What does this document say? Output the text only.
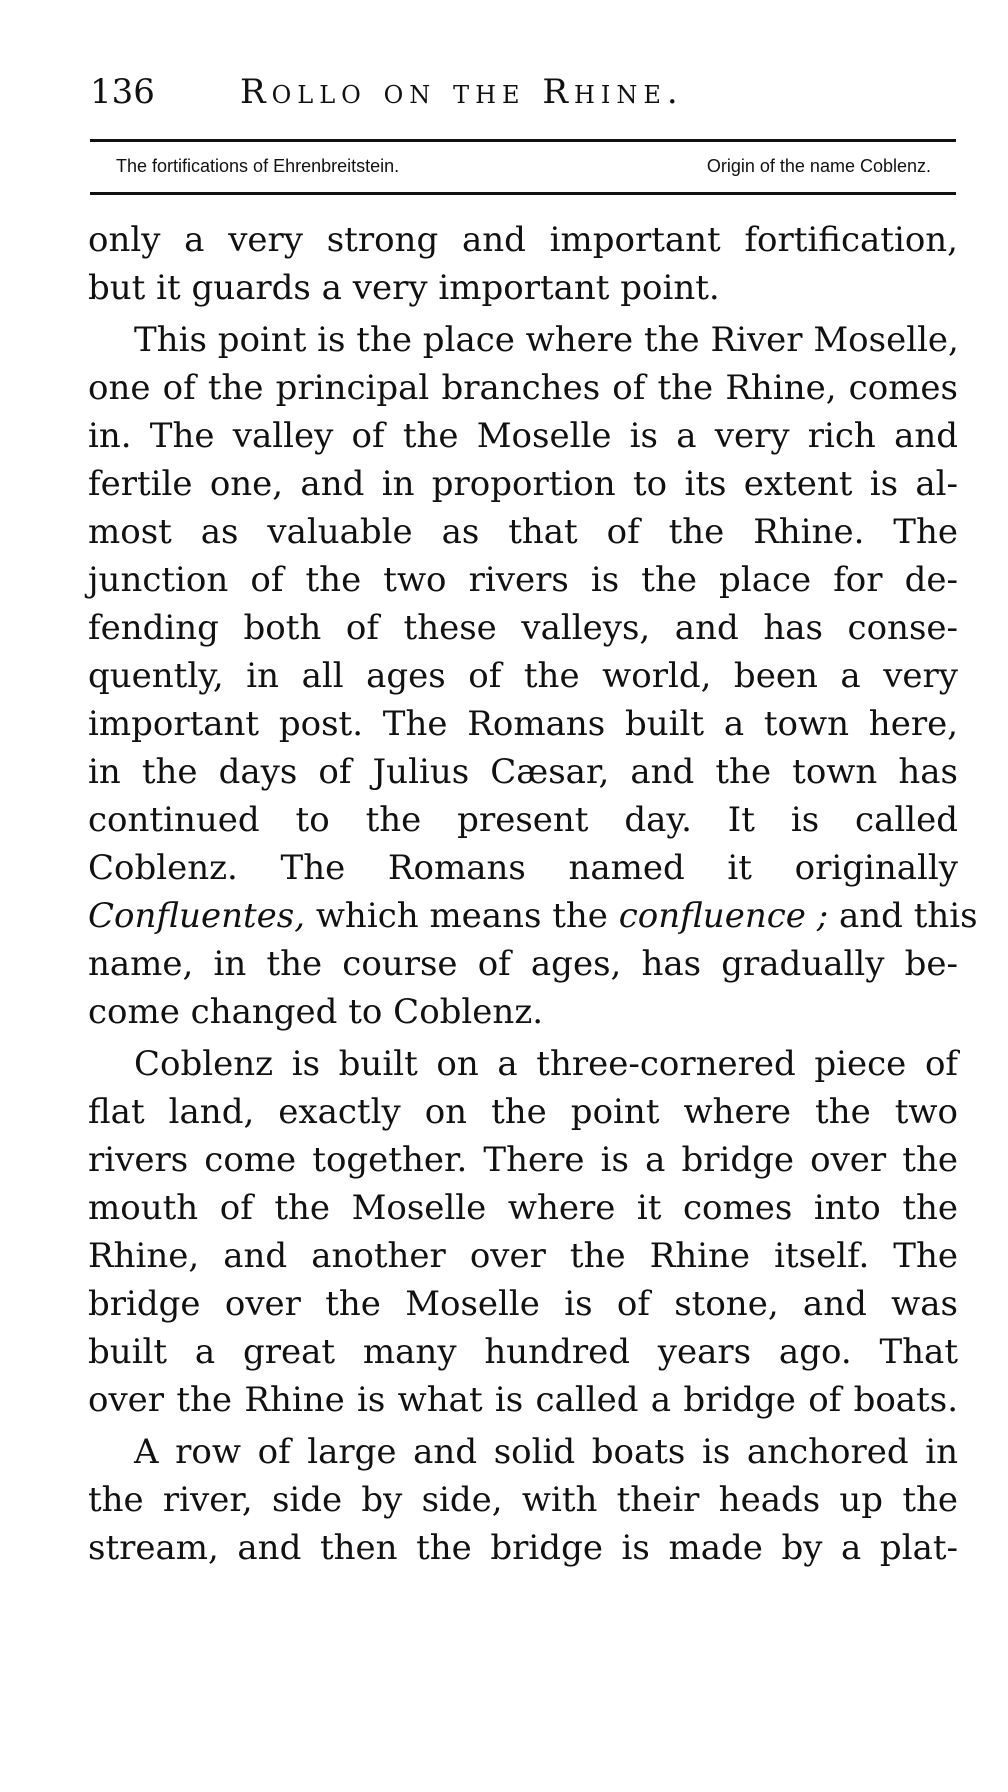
136	Rollo on the Rhine.
The fortifications of Ehrenbreitstein.	Origin of the name Coblenz.
only a very strong and important fortification,
but it guards a very important point.
This point is the place where the River Moselle,
one of the principal branches of the Rhine, comes
in. The valley of the Moselle is a very rich and
fertile one, and in proportion to its extent is al-
most as valuable as that of the Rhine. The
junction of the two rivers is the place for de-
fending both of these valleys, and has conse-
quently, in all ages of the world, been a very
important post. The Romans built a town here,
in the days of Julius Cæsar, and the town has
continued to the present day. It is called
Coblenz. The Romans named it originally
Confluentes, which means the confluence ; and this
name, in the course of ages, has gradually be-
come changed to Coblenz.
Coblenz is built on a three-cornered piece of
flat land, exactly on the point where the two
rivers come together. There is a bridge over the
mouth of the Moselle where it comes into the
Rhine, and another over the Rhine itself. The
bridge over the Moselle is of stone, and was
built a great many hundred years ago. That
over the Rhine is what is called a bridge of boats.
A row of large and solid boats is anchored in
the river, side by side, with their heads up the
stream, and then the bridge is made by a plat-
